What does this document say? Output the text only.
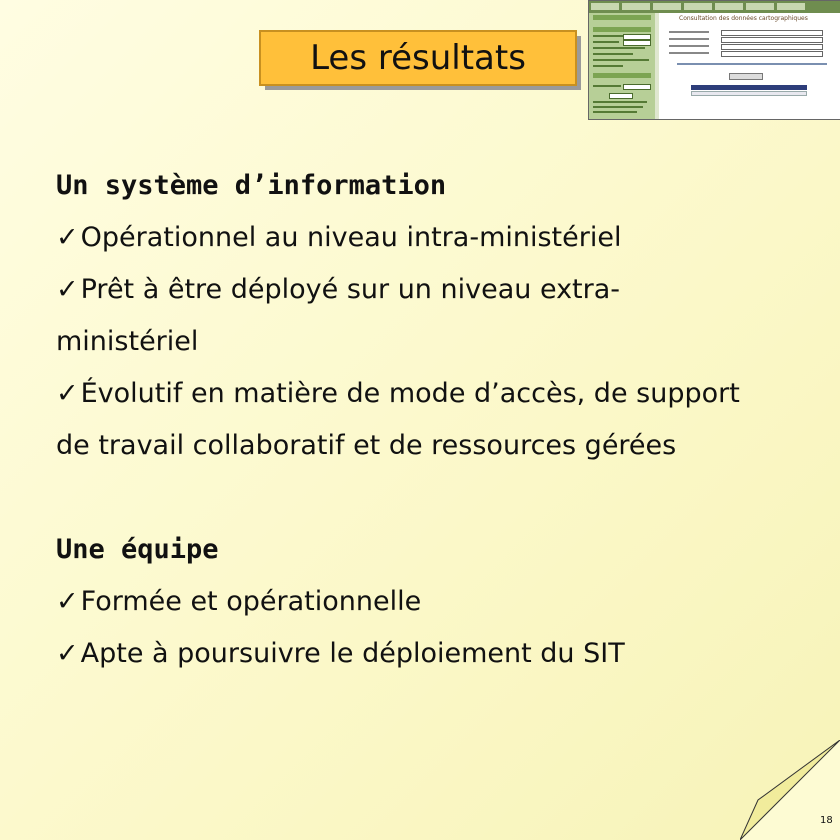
Les résultats
Consultation des données cartographiques

Un système d’information

✓Opérationnel au niveau intra-ministériel

✓Prêt à être déployé sur un niveau extra-

ministériel

✓Évolutif en matière de mode d’accès, de support

de travail collaboratif et de ressources gérées

Une équipe

✓Formée et opérationnelle

✓Apte à poursuivre le déploiement du SIT

18
